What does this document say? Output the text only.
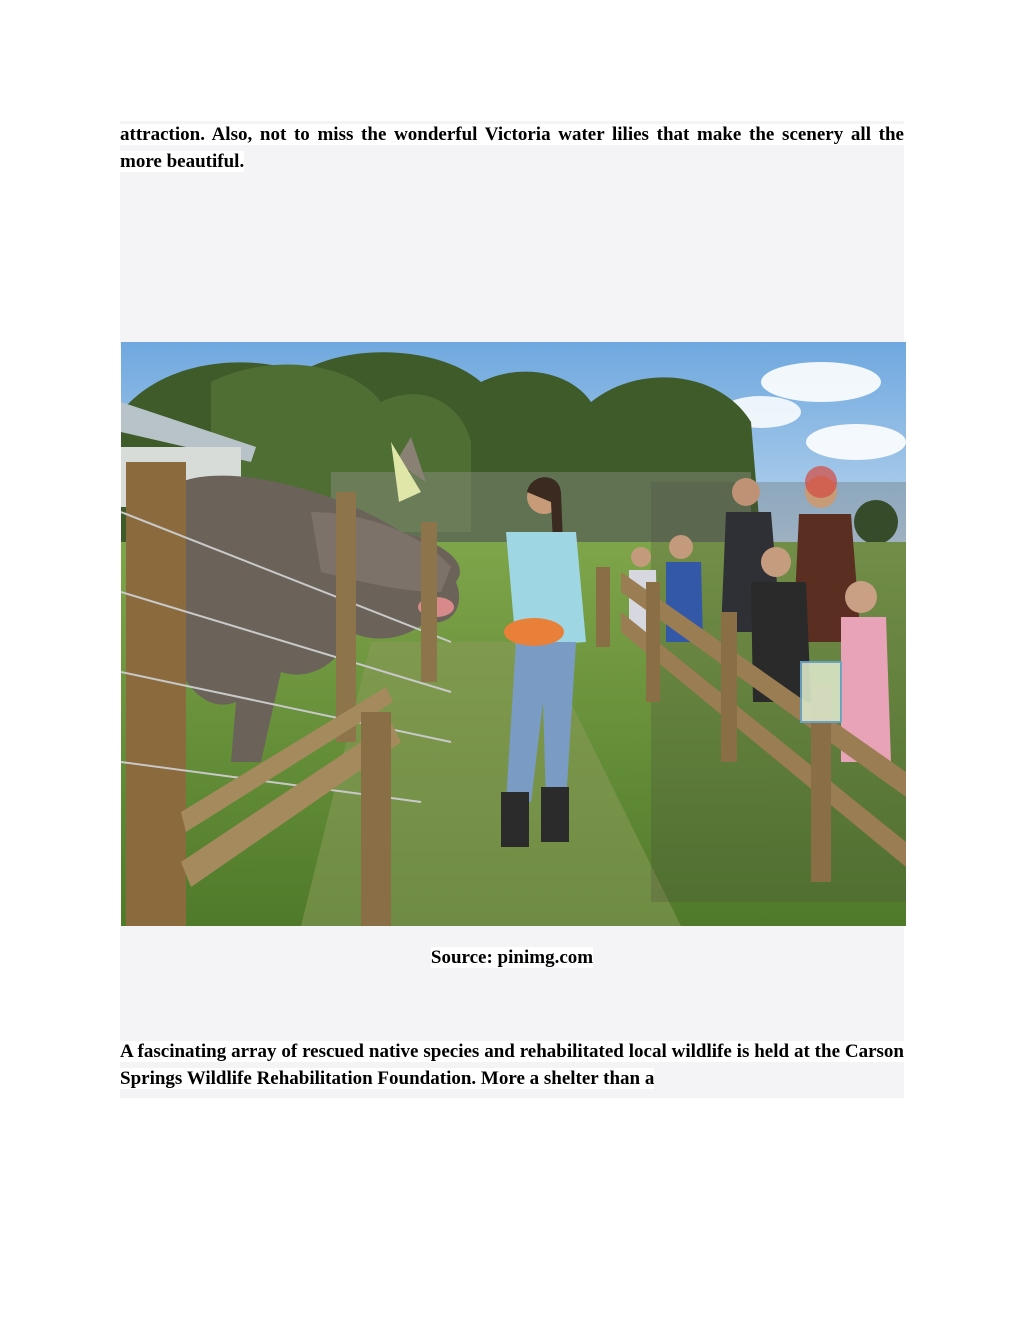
attraction. Also, not to miss the wonderful Victoria water lilies that make the scenery all the more beautiful.

Source: pinimg.com

A fascinating array of rescued native species and rehabilitated local wildlife is held at the Carson Springs Wildlife Rehabilitation Foundation. More a shelter than a
